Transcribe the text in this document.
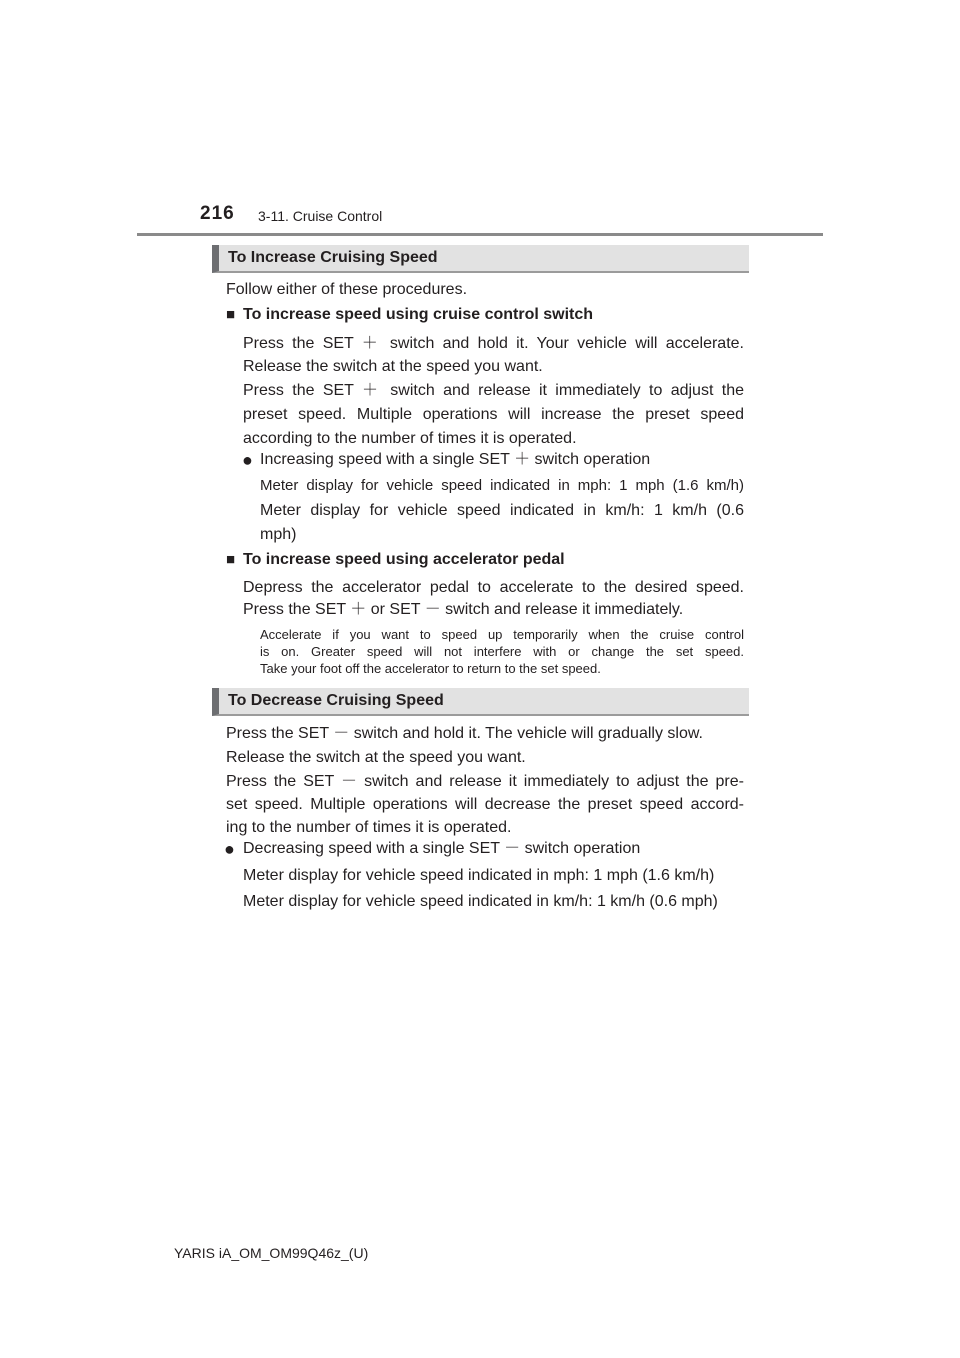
216 3-11. Cruise Control
To Increase Cruising Speed

Follow either of these procedures.

■ To increase speed using cruise control switch

Press the SET ＋ switch and hold it. Your vehicle will accelerate.

Release the switch at the speed you want.

Press the SET ＋ switch and release it immediately to adjust the

preset speed. Multiple operations will increase the preset speed

according to the number of times it is operated.

● Increasing speed with a single SET ＋ switch operation

Meter display for vehicle speed indicated in mph: 1 mph (1.6 km/h)

Meter display for vehicle speed indicated in km/h: 1 km/h (0.6

mph)

■ To increase speed using accelerator pedal

Depress the accelerator pedal to accelerate to the desired speed.

Press the SET ＋ or SET － switch and release it immediately.

Accelerate if you want to speed up temporarily when the cruise control

is on. Greater speed will not interfere with or change the set speed.

Take your foot off the accelerator to return to the set speed.

To Decrease Cruising Speed

Press the SET － switch and hold it. The vehicle will gradually slow.

Release the switch at the speed you want.

Press the SET － switch and release it immediately to adjust the pre-

set speed. Multiple operations will decrease the preset speed accord-

ing to the number of times it is operated.

● Decreasing speed with a single SET － switch operation

Meter display for vehicle speed indicated in mph: 1 mph (1.6 km/h)

Meter display for vehicle speed indicated in km/h: 1 km/h (0.6 mph)

YARIS iA_OM_OM99Q46z_(U)
